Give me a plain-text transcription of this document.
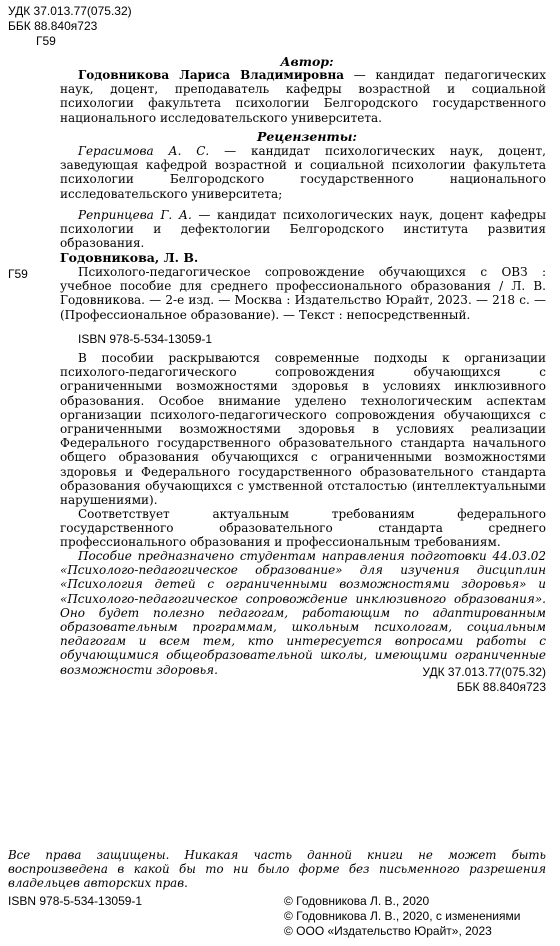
УДК 37.013.77(075.32)
ББК 88.840я723
Г59
Автор:
Годовникова Лариса Владимировна — кандидат педагогических наук, доцент, преподаватель кафедры возрастной и социальной психологии факультета психологии Белгородского государственного национального исследовательского университета.
Рецензенты:
Герасимова А. С. — кандидат психологических наук, доцент, заведующая кафедрой возрастной и социальной психологии факультета психологии Белгородского государственного национального исследовательского университета;
Репринцева Г. А. — кандидат психологических наук, доцент кафедры психологии и дефектологии Белгородского института развития образования.
Годовникова, Л. В.
Г59	Психолого-педагогическое сопровождение обучающихся с ОВЗ : учебное пособие для среднего профессионального образования / Л. В. Годовникова. — 2-е изд. — Москва : Издательство Юрайт, 2023. — 218 с. — (Профессиональное образование). — Текст : непосредственный.
ISBN 978-5-534-13059-1
В пособии раскрываются современные подходы к организации психолого-педагогического сопровождения обучающихся с ограниченными возможностями здоровья в условиях инклюзивного образования. Особое внимание уделено технологическим аспектам организации психолого-педагогического сопровождения обучающихся с ограниченными возможностями здоровья в условиях реализации Федерального государственного образовательного стандарта начального общего образования обучающихся с ограниченными возможностями здоровья и Федерального государственного образовательного стандарта образования обучающихся с умственной отсталостью (интеллектуальными нарушениями).
Соответствует актуальным требованиям федерального государственного образовательного стандарта среднего профессионального образования и профессиональным требованиям.
Пособие предназначено студентам направления подготовки 44.03.02 «Психолого-педагогическое образование» для изучения дисциплин «Психология детей с ограниченными возможностями здоровья» и «Психолого-педагогическое сопровождение инклюзивного образования». Оно будет полезно педагогам, работающим по адаптированным образовательным программам, школьным психологам, социальным педагогам и всем тем, кто интересуется вопросами работы с обучающимися общеобразовательной школы, имеющими ограниченные возможности здоровья.	УДК 37.013.77(075.32)
ББК 88.840я723
Все права защищены. Никакая часть данной книги не может быть воспроизведена в какой бы то ни было форме без письменного разрешения владельцев авторских прав.
ISBN 978-5-534-13059-1	© Годовникова Л. В., 2020
© Годовникова Л. В., 2020, с изменениями
© ООО «Издательство Юрайт», 2023
